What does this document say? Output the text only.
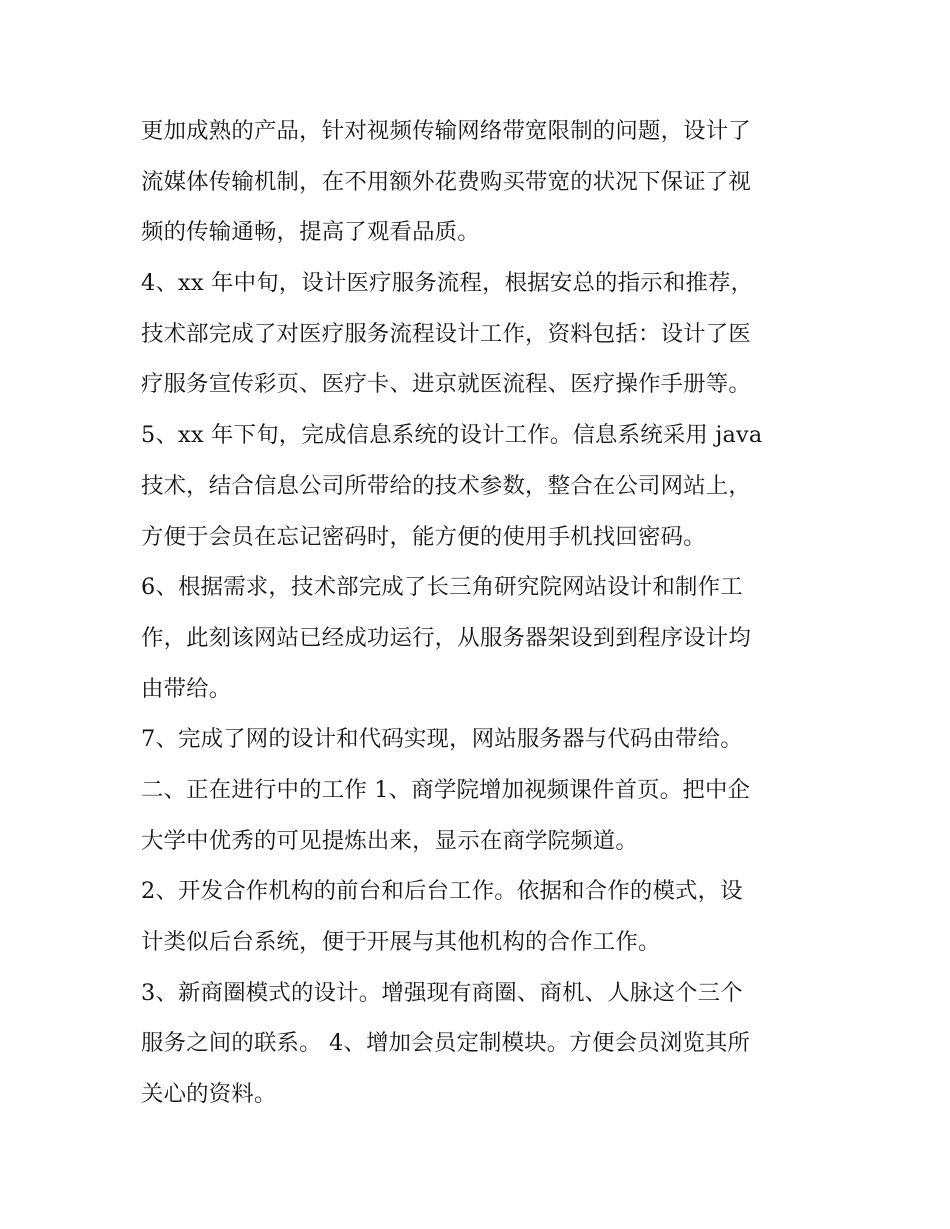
更加成熟的产品，针对视频传输网络带宽限制的问题，设计了
流媒体传输机制，在不用额外花费购买带宽的状况下保证了视
频的传输通畅，提高了观看品质。

4、xx 年中旬，设计医疗服务流程，根据安总的指示和推荐，
技术部完成了对医疗服务流程设计工作，资料包括：设计了医
疗服务宣传彩页、医疗卡、进京就医流程、医疗操作手册等。

5、xx 年下旬，完成信息系统的设计工作。信息系统采用 java
技术，结合信息公司所带给的技术参数，整合在公司网站上，
方便于会员在忘记密码时，能方便的使用手机找回密码。

6、根据需求，技术部完成了长三角研究院网站设计和制作工
作，此刻该网站已经成功运行，从服务器架设到到程序设计均
由带给。

7、完成了网的设计和代码实现，网站服务器与代码由带给。

二、正在进行中的工作 1、商学院增加视频课件首页。把中企
大学中优秀的可见提炼出来，显示在商学院频道。

2、开发合作机构的前台和后台工作。依据和合作的模式，设
计类似后台系统，便于开展与其他机构的合作工作。

3、新商圈模式的设计。增强现有商圈、商机、人脉这个三个
服务之间的联系。 4、增加会员定制模块。方便会员浏览其所
关心的资料。
